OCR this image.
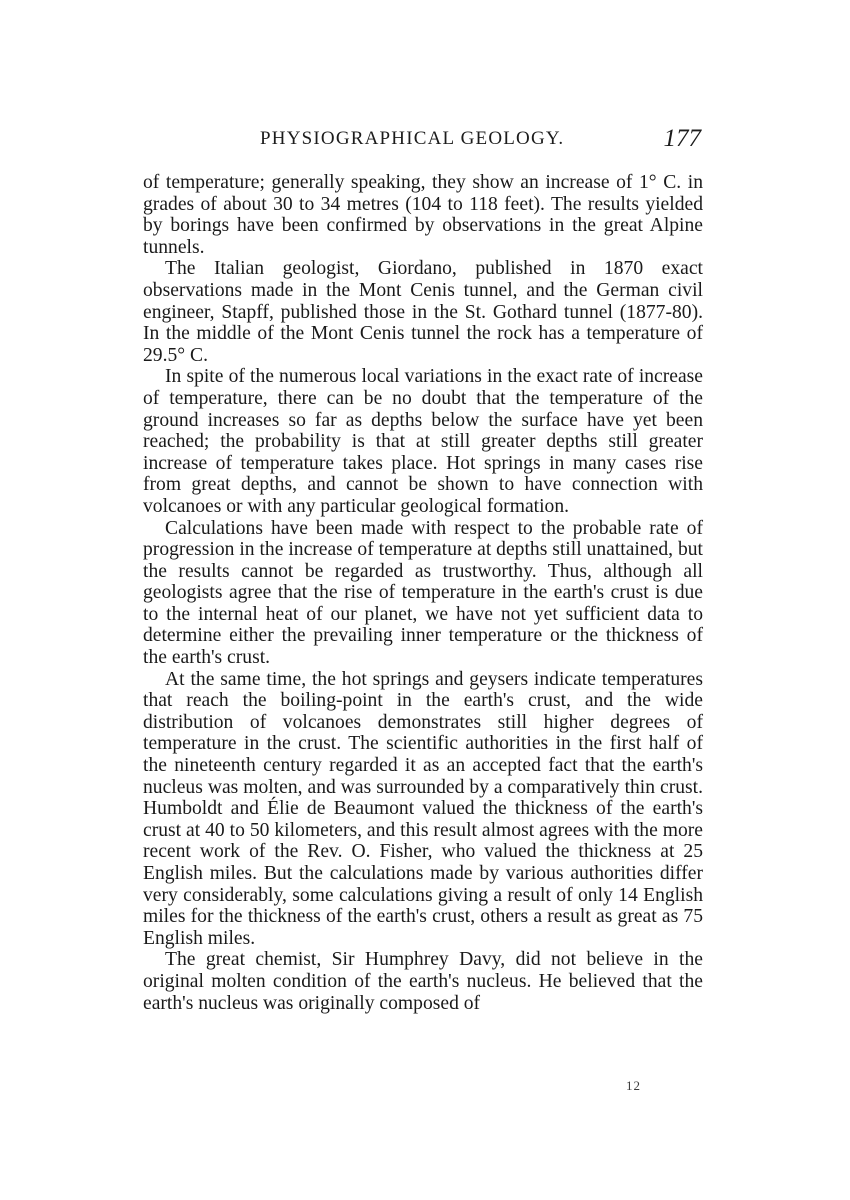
PHYSIOGRAPHICAL GEOLOGY.	177

of temperature; generally speaking, they show an increase of 1° C. in grades of about 30 to 34 metres (104 to 118 feet). The results yielded by borings have been confirmed by observations in the great Alpine tunnels.

The Italian geologist, Giordano, published in 1870 exact observations made in the Mont Cenis tunnel, and the German civil engineer, Stapff, published those in the St. Gothard tunnel (1877-80). In the middle of the Mont Cenis tunnel the rock has a temperature of 29.5° C.

In spite of the numerous local variations in the exact rate of increase of temperature, there can be no doubt that the temperature of the ground increases so far as depths below the surface have yet been reached; the probability is that at still greater depths still greater increase of temperature takes place. Hot springs in many cases rise from great depths, and cannot be shown to have connection with volcanoes or with any particular geological formation.

Calculations have been made with respect to the probable rate of progression in the increase of temperature at depths still unattained, but the results cannot be regarded as trustworthy. Thus, although all geologists agree that the rise of temperature in the earth's crust is due to the internal heat of our planet, we have not yet sufficient data to determine either the prevailing inner temperature or the thickness of the earth's crust.

At the same time, the hot springs and geysers indicate temperatures that reach the boiling-point in the earth's crust, and the wide distribution of volcanoes demonstrates still higher degrees of temperature in the crust. The scientific authorities in the first half of the nineteenth century regarded it as an accepted fact that the earth's nucleus was molten, and was surrounded by a comparatively thin crust. Humboldt and Élie de Beaumont valued the thickness of the earth's crust at 40 to 50 kilometers, and this result almost agrees with the more recent work of the Rev. O. Fisher, who valued the thickness at 25 English miles. But the calculations made by various authorities differ very considerably, some calculations giving a result of only 14 English miles for the thickness of the earth's crust, others a result as great as 75 English miles.

The great chemist, Sir Humphrey Davy, did not believe in the original molten condition of the earth's nucleus. He believed that the earth's nucleus was originally composed of

12
